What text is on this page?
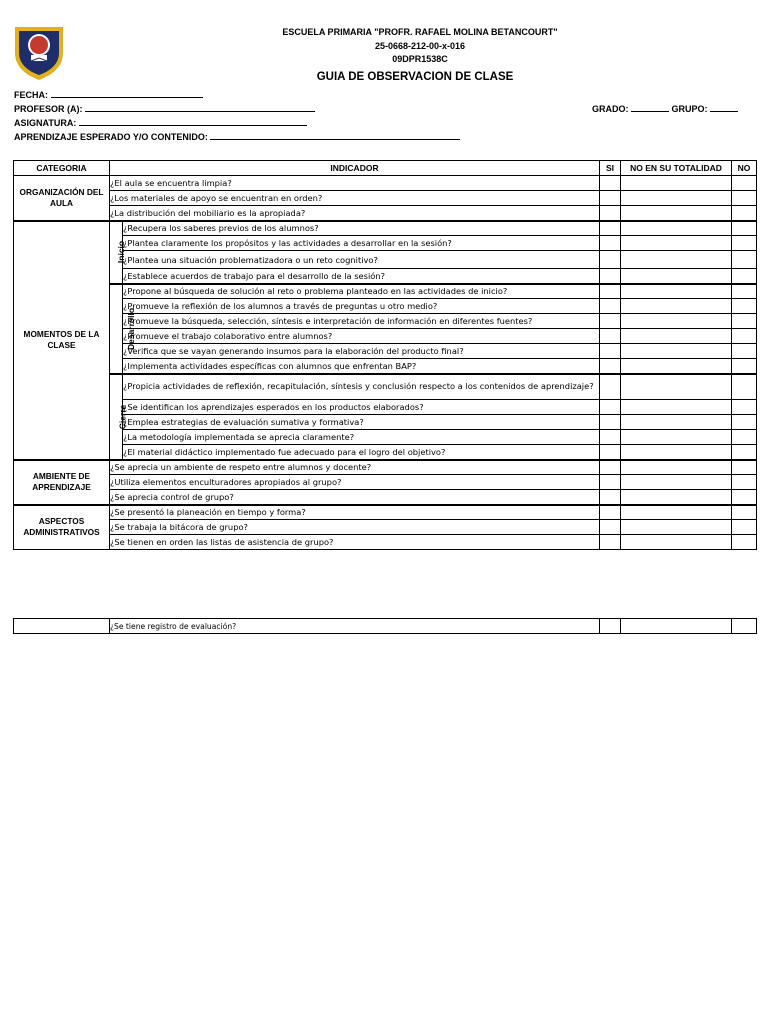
ESCUELA PRIMARIA "PROFR. RAFAEL MOLINA BETANCOURT"
25-0668-212-00-x-016
09DPR1538C
GUIA DE OBSERVACION DE CLASE
FECHA:
PROFESOR (A):
ASIGNATURA:
APRENDIZAJE ESPERADO Y/O CONTENIDO:
GRADO:	GRUPO:
CATEGORIA	INDICADOR		SI	NO EN SU TOTALIDAD	NO
ORGANIZACIÓN DEL AULA	¿El aula se encuentra limpia?				
	¿Los materiales de apoyo se encuentran en orden?				
	¿La distribución del mobiliario es la apropiada?				
MOMENTOS DE LA CLASE	Inicio	¿Recupera los saberes previos de los alumnos?			
		¿Plantea claramente los propósitos y las actividades a desarrollar en la sesión?			
		¿Plantea una situación problematizadora o un reto cognitivo?			
		¿Establece acuerdos de trabajo para el desarrollo de la sesión?			
	Desarrollo	¿Propone al búsqueda de solución al reto o problema planteado en las actividades de inicio?			
		¿Promueve la reflexión de los alumnos a través de preguntas u otro medio?			
		¿Promueve la búsqueda, selección, síntesis e interpretación de información en diferentes fuentes?			
		¿Promueve el trabajo colaborativo entre alumnos?			
		¿Verifica que se vayan generando insumos para la elaboración del producto final?			
		¿Implementa actividades específicas con alumnos que enfrentan BAP?			
	Cierre	¿Propicia actividades de reflexión, recapitulación, síntesis y conclusión respecto a los contenidos de aprendizaje?			
		¿Se identifican los aprendizajes esperados en los productos elaborados?			
		¿Emplea estrategias de evaluación sumativa y formativa?			
		¿La metodología implementada se aprecia claramente?			
		¿El material didáctico implementado fue adecuado para el logro del objetivo?			
AMBIENTE DE APRENDIZAJE	¿Se aprecia un ambiente de respeto entre alumnos y docente?				
	¿Utiliza elementos enculturadores apropiados al grupo?				
	¿Se aprecia control de grupo?				
ASPECTOS ADMINISTRATIVOS	¿Se presentó la planeación en tiempo y forma?				
	¿Se trabaja la bitácora de grupo?				
	¿Se tienen en orden las listas de asistencia de grupo?				
	¿Se tiene registro de evaluación?			
